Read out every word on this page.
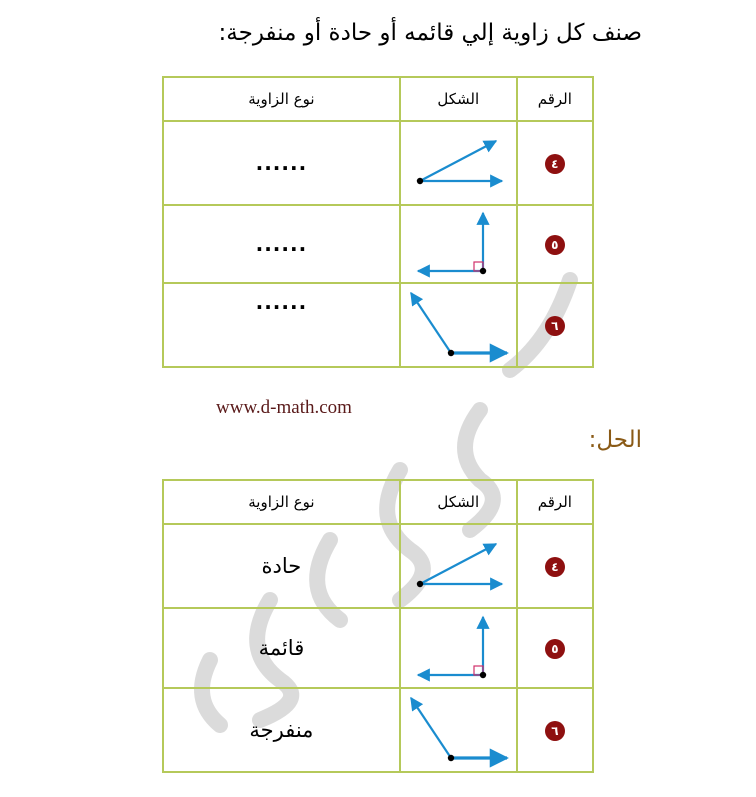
صنف كل زاوية إلي قائمه أو حادة أو منفرجة:
نوع الزاوية	الشكل	الرقم
......		٤
......		٥
......		٦
www.d-math.com
الحل:
نوع الزاوية	الشكل	الرقم
حادة		٤
قائمة		٥
منفرجة		٦
